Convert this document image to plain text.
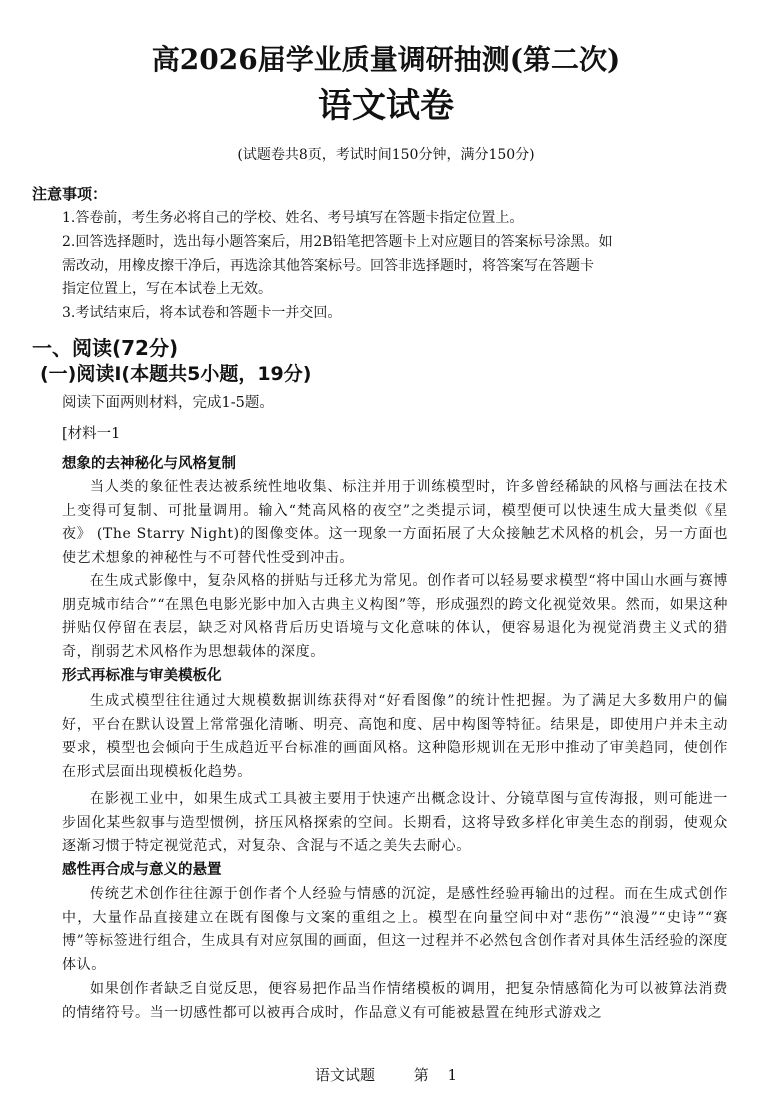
高2026届学业质量调研抽测(第二次)
语文试卷
(试题卷共8页，考试时间150分钟，满分150分)
注意事项：
1.答卷前，考生务必将自己的学校、姓名、考号填写在答题卡指定位置上。
2.回答选择题时，选出每小题答案后，用2B铅笔把答题卡上对应题目的答案标号涂黑。如
需改动，用橡皮擦干净后，再选涂其他答案标号。回答非选择题时，将答案写在答题卡
指定位置上，写在本试卷上无效。
3.考试结束后，将本试卷和答题卡一并交回。
一、阅读(72分)
(一)阅读I(本题共5小题，19分)
阅读下面两则材料，完成1-5题。
[材料一1
想象的去神秘化与风格复制
当人类的象征性表达被系统性地收集、标注并用于训练模型时，许多曾经稀缺的风格与画法在技术上变得可复制、可批量调用。输入“梵高风格的夜空”之类提示词，模型便可以快速生成大量类似《星夜》 (The Starry Night)的图像变体。这一现象一方面拓展了大众接触艺术风格的机会，另一方面也使艺术想象的神秘性与不可替代性受到冲击。
在生成式影像中，复杂风格的拼贴与迁移尤为常见。创作者可以轻易要求模型“将中国山水画与赛博朋克城市结合”“在黑色电影光影中加入古典主义构图”等，形成强烈的跨文化视觉效果。然而，如果这种拼贴仅停留在表层，缺乏对风格背后历史语境与文化意味的体认，便容易退化为视觉消费主义式的猎奇，削弱艺术风格作为思想载体的深度。
形式再标准与审美模板化
生成式模型往往通过大规模数据训练获得对“好看图像”的统计性把握。为了满足大多数用户的偏好，平台在默认设置上常常强化清晰、明亮、高饱和度、居中构图等特征。结果是，即使用户并未主动要求，模型也会倾向于生成趋近平台标准的画面风格。这种隐形规训在无形中推动了审美趋同，使创作在形式层面出现模板化趋势。
在影视工业中，如果生成式工具被主要用于快速产出概念设计、分镜草图与宣传海报，则可能进一步固化某些叙事与造型惯例，挤压风格探索的空间。长期看，这将导致多样化审美生态的削弱，使观众逐渐习惯于特定视觉范式，对复杂、含混与不适之美失去耐心。
感性再合成与意义的悬置
传统艺术创作往往源于创作者个人经验与情感的沉淀，是感性经验再输出的过程。而在生成式创作中，大量作品直接建立在既有图像与文案的重组之上。模型在向量空间中对“悲伤”“浪漫”“史诗”“赛博”等标签进行组合，生成具有对应氛围的画面，但这一过程并不必然包含创作者对具体生活经验的深度体认。
如果创作者缺乏自觉反思，便容易把作品当作情绪模板的调用，把复杂情感简化为可以被算法消费的情绪符号。当一切感性都可以被再合成时，作品意义有可能被悬置在纯形式游戏之
语文试题	第 1
